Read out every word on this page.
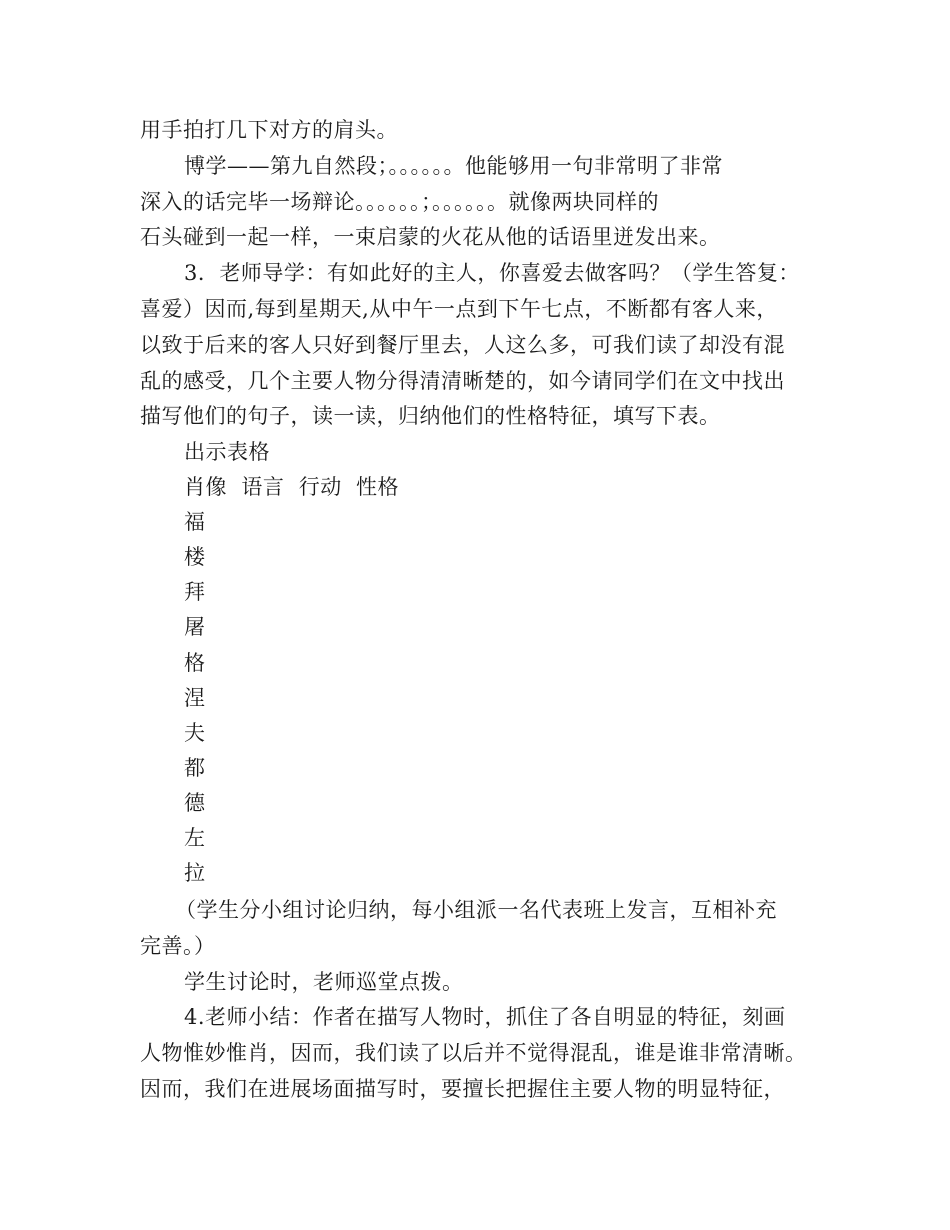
用手拍打几下对方的肩头。
博学——第九自然段；。。。。。。他能够用一句非常明了非常
深入的话完毕一场辩论。。。。。。；。。。。。。就像两块同样的
石头碰到一起一样，一束启蒙的火花从他的话语里迸发出来。
3．老师导学：有如此好的主人，你喜爱去做客吗？（学生答复：
喜爱）因而,每到星期天,从中午一点到下午七点，不断都有客人来，
以致于后来的客人只好到餐厅里去，人这么多，可我们读了却没有混
乱的感受，几个主要人物分得清清晰楚的，如今请同学们在文中找出
描写他们的句子，读一读，归纳他们的性格特征，填写下表。
出示表格
肖像  语言  行动  性格
福
楼
拜
屠
格
涅
夫
都
德
左
拉
（学生分小组讨论归纳，每小组派一名代表班上发言，互相补充
完善。）
学生讨论时，老师巡堂点拨。
4.老师小结：作者在描写人物时，抓住了各自明显的特征，刻画
人物惟妙惟肖，因而，我们读了以后并不觉得混乱，谁是谁非常清晰。
因而，我们在进展场面描写时，要擅长把握住主要人物的明显特征，
